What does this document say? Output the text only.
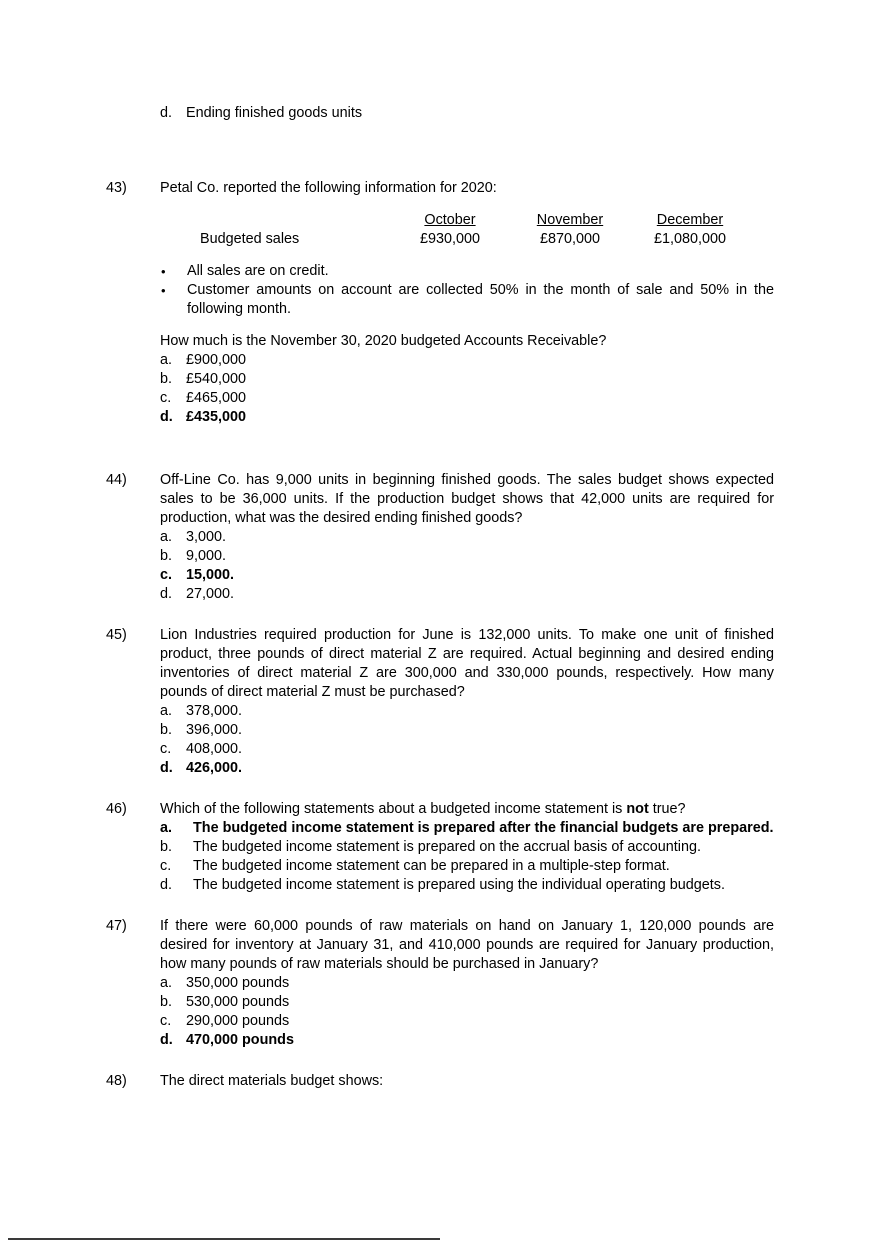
d. Ending finished goods units
43)	Petal Co. reported the following information for 2020:
	October	November	December
Budgeted sales	£930,000	£870,000	£1,080,000
•	All sales are on credit.
•	Customer amounts on account are collected 50% in the month of sale and 50% in the following month.
How much is the November 30, 2020 budgeted Accounts Receivable?
a. £900,000
b. £540,000
c.	£465,000
d. £435,000
44)	Off-Line Co. has 9,000 units in beginning finished goods. The sales budget shows expected sales to be 36,000 units. If the production budget shows that 42,000 units are required for production, what was the desired ending finished goods?
a. 3,000.
b. 9,000.
c. 15,000.
d. 27,000.
45)	Lion Industries required production for June is 132,000 units. To make one unit of finished product, three pounds of direct material Z are required. Actual beginning and desired ending inventories of direct material Z are 300,000 and 330,000 pounds, respectively. How many pounds of direct material Z must be purchased?
a. 378,000.
b. 396,000.
c.	408,000.
d. 426,000.
46)	Which of the following statements about a budgeted income statement is not true?
a.	The budgeted income statement is prepared after the financial budgets are prepared.
b.	The budgeted income statement is prepared on the accrual basis of accounting.
c.	The budgeted income statement can be prepared in a multiple-step format.
d.	The budgeted income statement is prepared using the individual operating budgets.
47)	If there were 60,000 pounds of raw materials on hand on January 1, 120,000 pounds are desired for inventory at January 31, and 410,000 pounds are required for January production, how many pounds of raw materials should be purchased in January?
a. 350,000 pounds
b. 530,000 pounds
c.	290,000 pounds
d. 470,000 pounds
48)	The direct materials budget shows:
